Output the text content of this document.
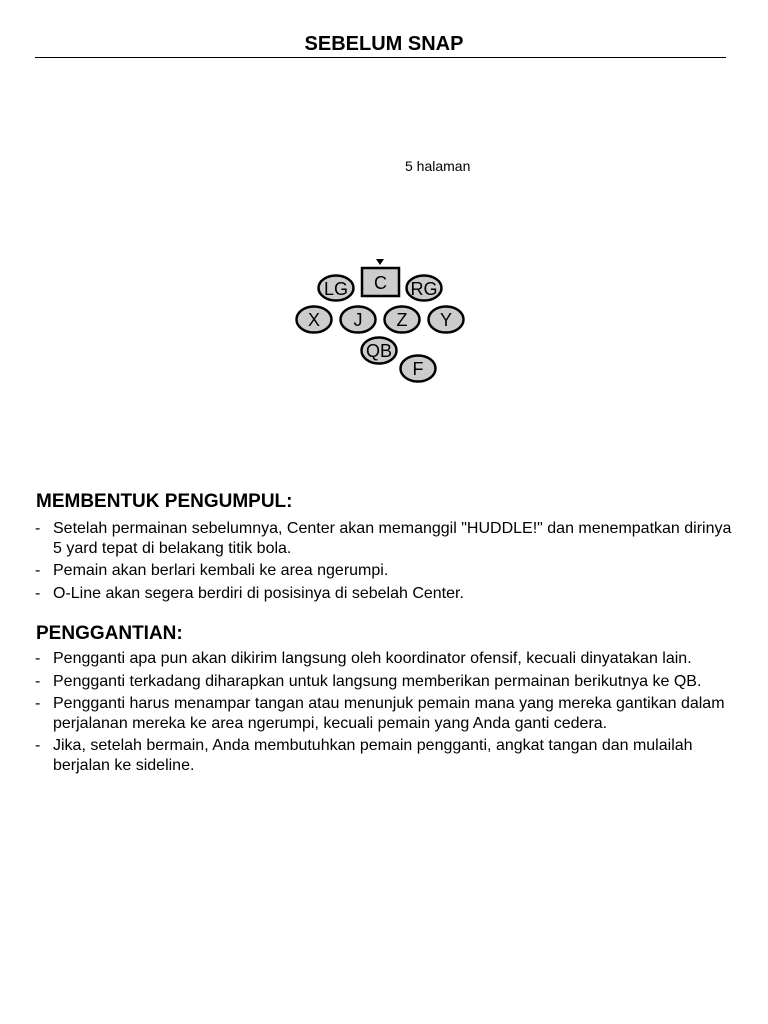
SEBELUM SNAP
5 halaman
C
LG	RG
X J Z Y
QB
F
MEMBENTUK PENGUMPUL:
- Setelah permainan sebelumnya, Center akan memanggil "HUDDLE!" dan menempatkan dirinya 5 yard tepat di belakang titik bola.
- Pemain akan berlari kembali ke area ngerumpi.
- O-Line akan segera berdiri di posisinya di sebelah Center.
PENGGANTIAN:
- Pengganti apa pun akan dikirim langsung oleh koordinator ofensif, kecuali dinyatakan lain.
- Pengganti terkadang diharapkan untuk langsung memberikan permainan berikutnya ke QB.
- Pengganti harus menampar tangan atau menunjuk pemain mana yang mereka gantikan dalam perjalanan mereka ke area ngerumpi, kecuali pemain yang Anda ganti cedera.
- Jika, setelah bermain, Anda membutuhkan pemain pengganti, angkat tangan dan mulailah berjalan ke sideline.
